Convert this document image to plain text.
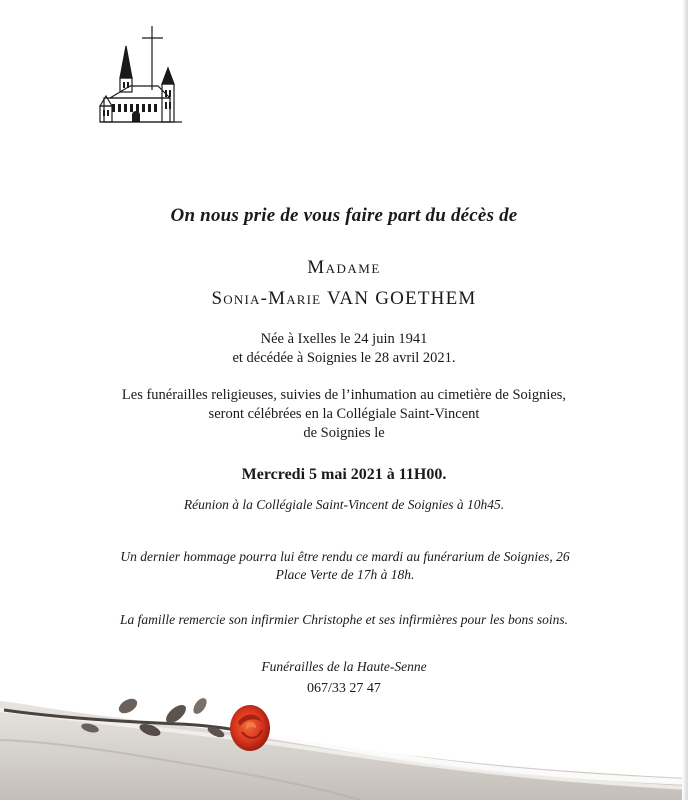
On nous prie de vous faire part du décès de
Madame
Sonia-Marie VAN GOETHEM
Née à Ixelles le 24 juin 1941
et décédée à Soignies le 28 avril 2021.
Les funérailles religieuses, suivies de l’inhumation au cimetière de Soignies,
seront célébrées en la Collégiale Saint-Vincent
de Soignies le
Mercredi 5 mai 2021 à 11H00.
Réunion à la Collégiale Saint-Vincent de Soignies à 10h45.
Un dernier hommage pourra lui être rendu ce mardi au funérarium de Soignies, 26 Place Verte de 17h à 18h.
La famille remercie son infirmier Christophe et ses infirmières pour les bons soins.
Funérailles de la Haute-Senne
067/33 27 47
